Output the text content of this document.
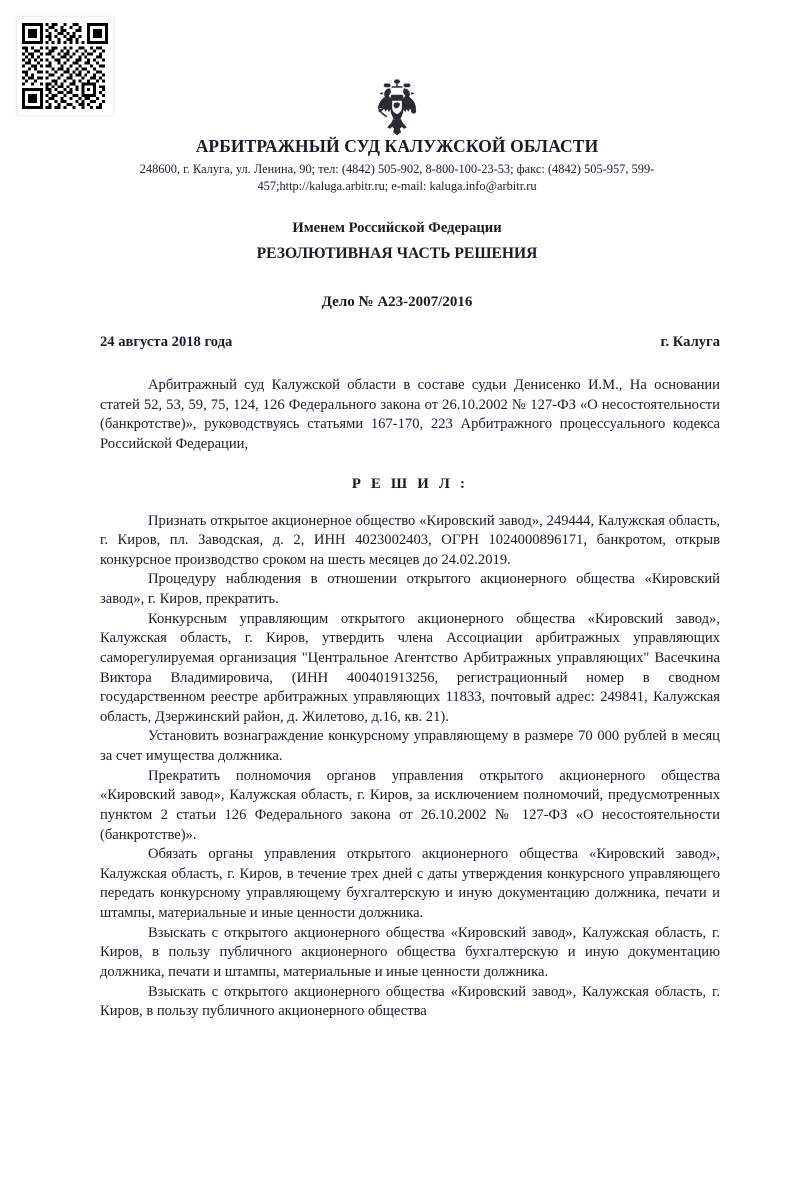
АРБИТРАЖНЫЙ СУД КАЛУЖСКОЙ ОБЛАСТИ
248600, г. Калуга, ул. Ленина, 90; тел: (4842) 505-902, 8-800-100-23-53; факс: (4842) 505-957, 599-457;http://kaluga.arbitr.ru; e-mail: kaluga.info@arbitr.ru
Именем Российской Федерации
РЕЗОЛЮТИВНАЯ ЧАСТЬ РЕШЕНИЯ
Дело № А23-2007/2016
24 августа 2018 года	г. Калуга

Арбитражный суд Калужской области в составе судьи Денисенко И.М., На основании статей 52, 53, 59, 75, 124, 126 Федерального закона от 26.10.2002 № 127-ФЗ «О несостоятельности (банкротстве)», руководствуясь статьями 167-170, 223 Арбитражного процессуального кодекса Российской Федерации,

Р Е Ш И Л :

Признать открытое акционерное общество «Кировский завод», 249444, Калужская область, г. Киров, пл. Заводская, д. 2, ИНН 4023002403, ОГРН 1024000896171, банкротом, открыв конкурсное производство сроком на шесть месяцев до 24.02.2019.

Процедуру наблюдения в отношении открытого акционерного общества «Кировский завод», г. Киров, прекратить.

Конкурсным управляющим открытого акционерного общества «Кировский завод», Калужская область, г. Киров, утвердить члена Ассоциации арбитражных управляющих саморегулируемая организация "Центральное Агентство Арбитражных управляющих" Васечкина Виктора Владимировича, (ИНН 400401913256, регистрационный номер в сводном государственном реестре арбитражных управляющих 11833, почтовый адрес: 249841, Калужская область, Дзержинский район, д. Жилетово, д.16, кв. 21).

Установить вознаграждение конкурсному управляющему в размере 70 000 рублей в месяц за счет имущества должника.

Прекратить полномочия органов управления открытого акционерного общества «Кировский завод», Калужская область, г. Киров, за исключением полномочий, предусмотренных пунктом 2 статьи 126 Федерального закона от 26.10.2002 № 127-ФЗ «О несостоятельности (банкротстве)».

Обязать органы управления открытого акционерного общества «Кировский завод», Калужская область, г. Киров, в течение трех дней с даты утверждения конкурсного управляющего передать конкурсному управляющему бухгалтерскую и иную документацию должника, печати и штампы, материальные и иные ценности должника.

Взыскать с открытого акционерного общества «Кировский завод», Калужская область, г. Киров, в пользу публичного акционерного общества бухгалтерскую и иную документацию должника, печати и штампы, материальные и иные ценности должника.

Взыскать с открытого акционерного общества «Кировский завод», Калужская область, г. Киров, в пользу публичного акционерного общества
